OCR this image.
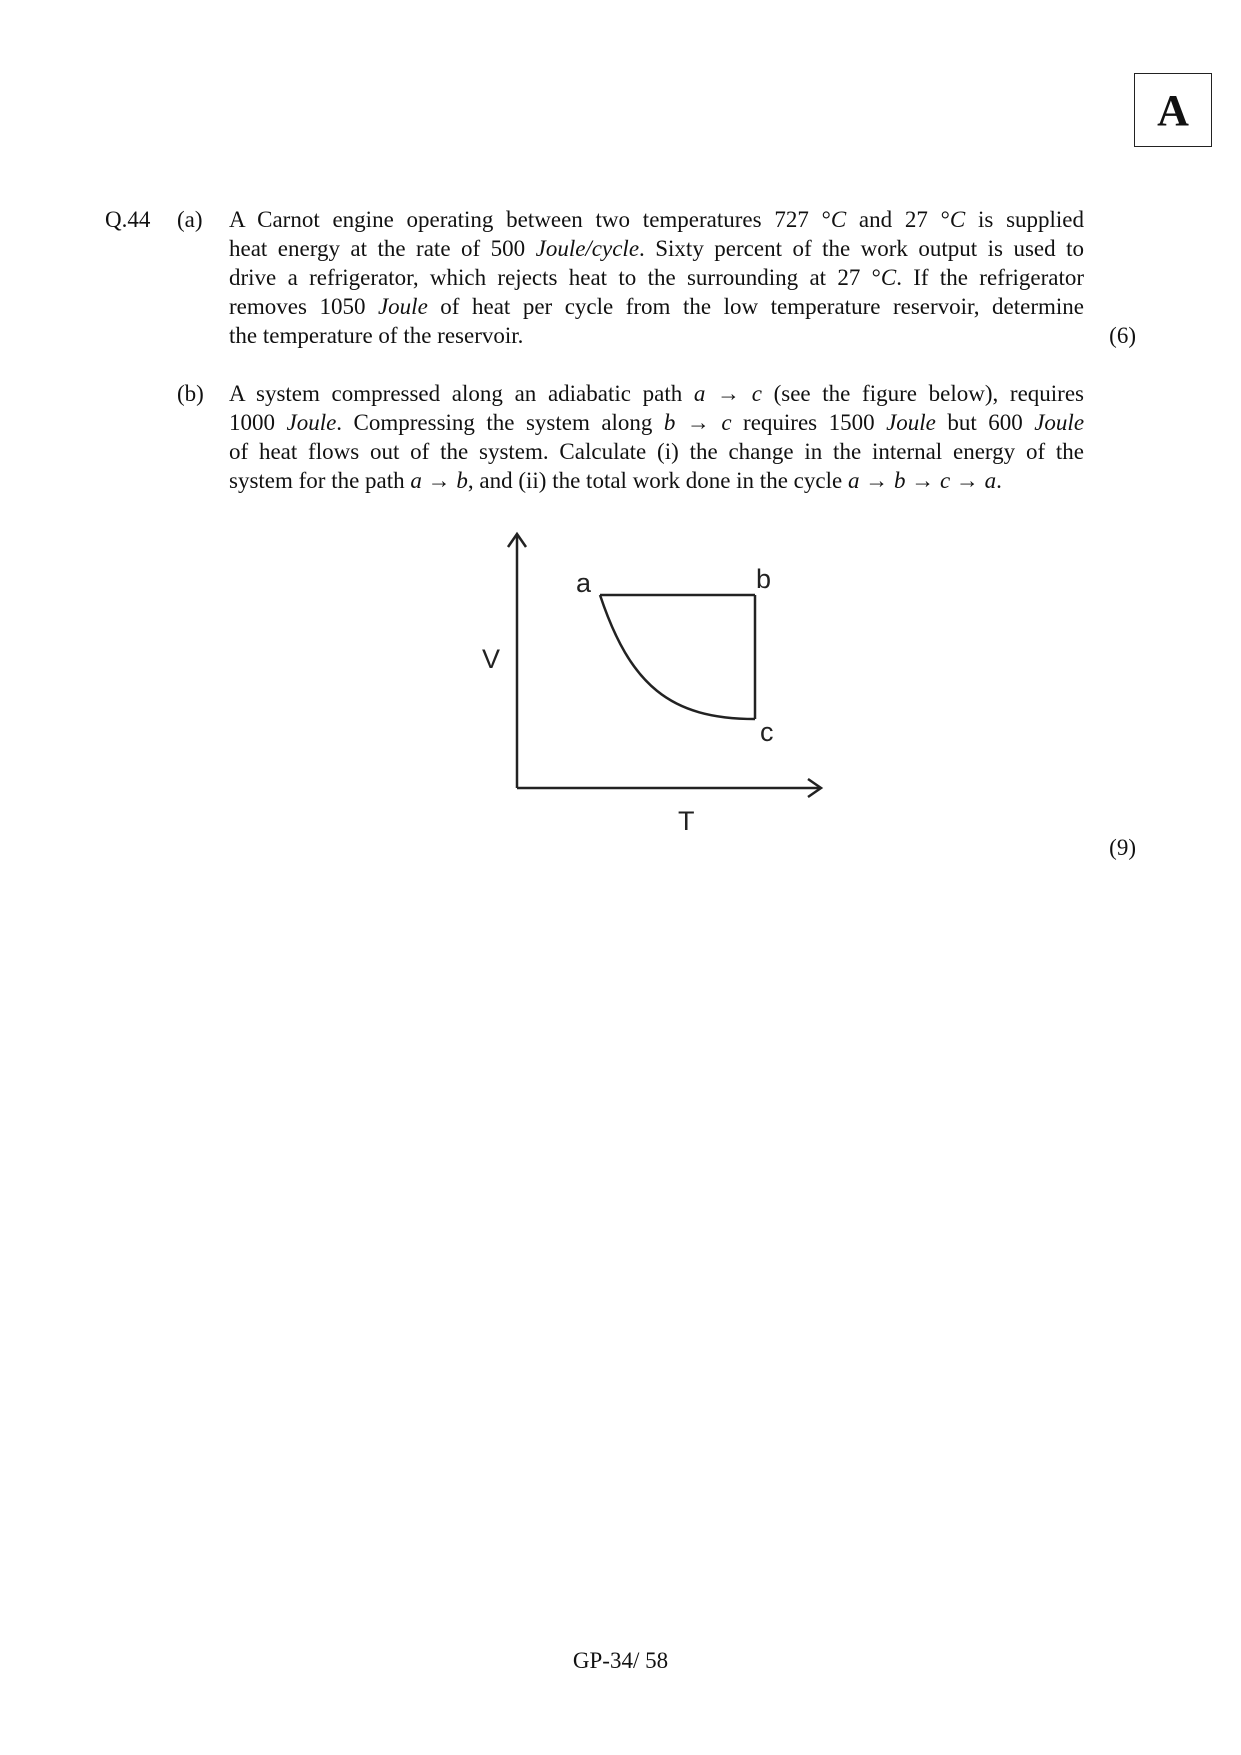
A
Q.44 (a) A Carnot engine operating between two temperatures 727 °C and 27 °C is supplied
heat energy at the rate of 500 Joule/cycle. Sixty percent of the work output is used to
drive a refrigerator, which rejects heat to the surrounding at 27 °C. If the refrigerator
removes 1050 Joule of heat per cycle from the low temperature reservoir, determine
the temperature of the reservoir.	(6)
(b) A system compressed along an adiabatic path a → c (see the figure below), requires
1000 Joule. Compressing the system along b → c requires 1500 Joule but 600 Joule
of heat flows out of the system. Calculate (i) the change in the internal energy of the
system for the path a → b, and (ii) the total work done in the cycle a → b → c → a.
a	b
c
V
T
(9)
GP-34/ 58
